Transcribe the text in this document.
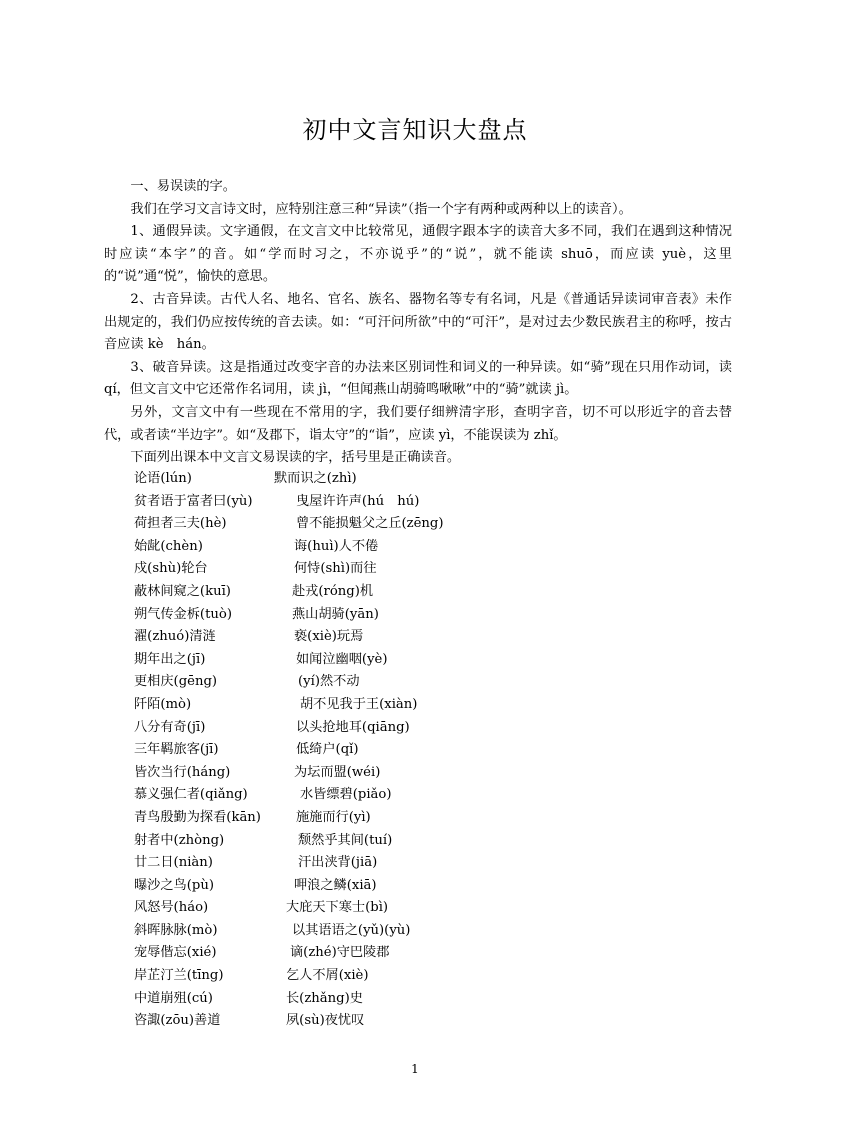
初中文言知识大盘点

一、易误读的字。

我们在学习文言诗文时，应特别注意三种“异读”（指一个字有两种或两种以上的读音）。

1、通假异读。文字通假，在文言文中比较常见，通假字跟本字的读音大多不同，我们在遇到这种情况时应读“本字”的音。如“学而时习之，不亦说乎”的“说”，就不能读 shuō，而应读 yuè，这里的“说”通“悦”，愉快的意思。

2、古音异读。古代人名、地名、官名、族名、器物名等专有名词，凡是《普通话异读词审音表》未作出规定的，我们仍应按传统的音去读。如：“可汗问所欲”中的“可汗”，是对过去少数民族君主的称呼，按古音应读 kè　hán。

3、破音异读。这是指通过改变字音的办法来区别词性和词义的一种异读。如“骑”现在只用作动词，读 qí，但文言文中它还常作名词用，读 jì，“但闻燕山胡骑鸣啾啾”中的“骑”就读 jì。

另外，文言文中有一些现在不常用的字，我们要仔细辨清字形，查明字音，切不可以形近字的音去替代，或者读“半边字”。如“及郡下，诣太守”的“诣”，应读 yì，不能误读为 zhǐ。

下面列出课本中文言文易误读的字，括号里是正确读音。

论语(lún)	默而识之(zhì)
贫者语于富者曰(yù)	曳屋许许声(hú　hú)
荷担者三夫(hè)	曾不能损魁父之丘(zēng)
始龀(chèn)	诲(huì)人不倦
戍(shù)轮台	何恃(shì)而往
蔽林间窥之(kuī)	赴戎(róng)机
朔气传金柝(tuò)	燕山胡骑(yān)
濯(zhuó)清涟	亵(xiè)玩焉
期年出之(jī)	如闻泣幽咽(yè)
更相庆(gēng)	(yí)然不动
阡陌(mò)	胡不见我于王(xiàn)
八分有奇(jī)	以头抢地耳(qiāng)
三年羁旅客(jī)	低绮户(qǐ)
皆次当行(háng)	为坛而盟(wéi)
慕义强仁者(qiǎng)	水皆缥碧(piǎo)
青鸟殷勤为探看(kān)	施施而行(yì)
射者中(zhòng)	颓然乎其间(tuí)
廿二日(niàn)	汗出浃背(jiā)
曝沙之鸟(pù)	呷浪之鳞(xiā)
风怒号(háo)	大庇天下寒士(bì)
斜晖脉脉(mò)	以其语语之(yǔ)(yù)
宠辱偕忘(xié)	谪(zhé)守巴陵郡
岸芷汀兰(tīng)	乞人不屑(xiè)
中道崩殂(cú)	长(zhǎng)史
咨諏(zōu)善道	夙(sù)夜忧叹
1
